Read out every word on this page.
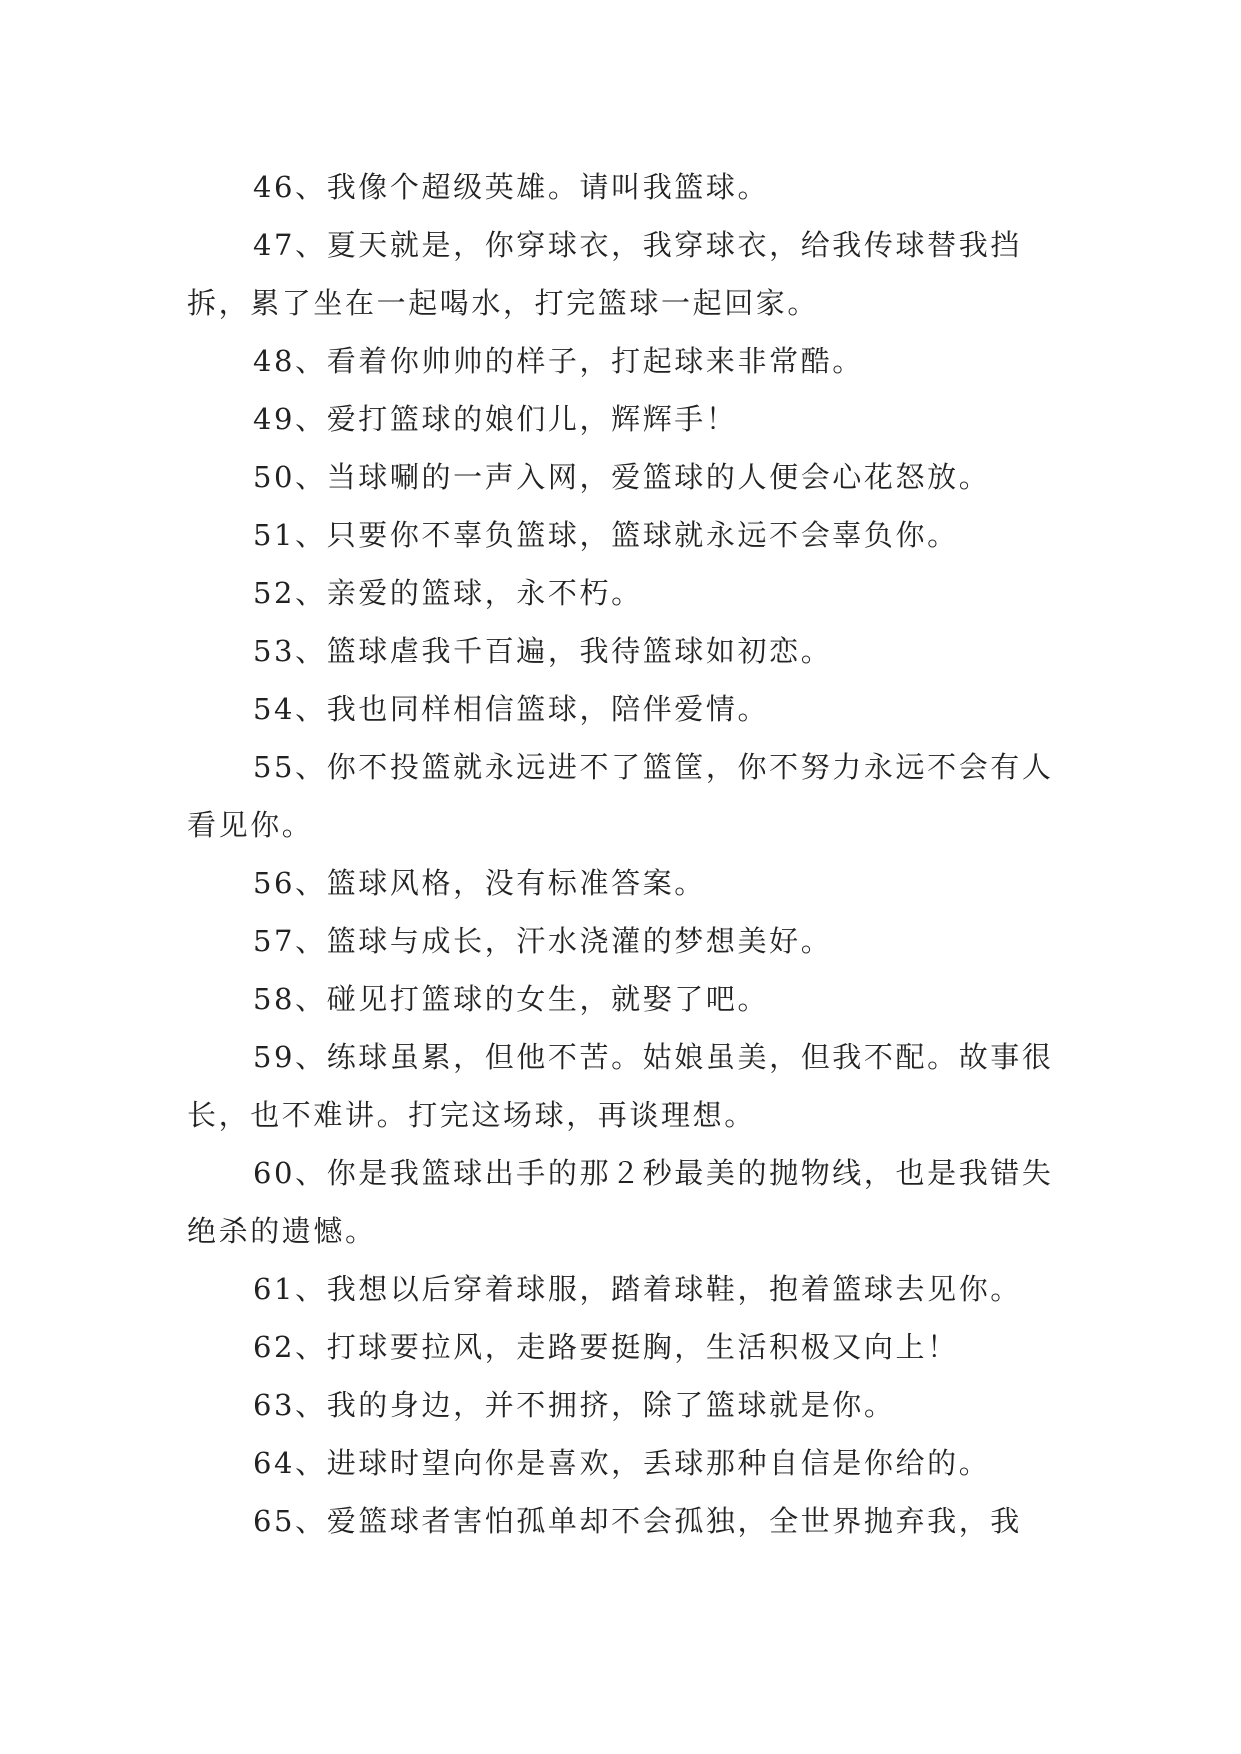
46、我像个超级英雄。请叫我篮球。

47、夏天就是，你穿球衣，我穿球衣，给我传球替我挡拆，累了坐在一起喝水，打完篮球一起回家。

48、看着你帅帅的样子，打起球来非常酷。

49、爱打篮球的娘们儿，辉辉手！

50、当球唰的一声入网，爱篮球的人便会心花怒放。

51、只要你不辜负篮球，篮球就永远不会辜负你。

52、亲爱的篮球，永不朽。

53、篮球虐我千百遍，我待篮球如初恋。

54、我也同样相信篮球，陪伴爱情。

55、你不投篮就永远进不了篮筐，你不努力永远不会有人看见你。

56、篮球风格，没有标准答案。

57、篮球与成长，汗水浇灌的梦想美好。

58、碰见打篮球的女生，就娶了吧。

59、练球虽累，但他不苦。姑娘虽美，但我不配。故事很长，也不难讲。打完这场球，再谈理想。

60、你是我篮球出手的那２秒最美的抛物线，也是我错失绝杀的遗憾。

61、我想以后穿着球服，踏着球鞋，抱着篮球去见你。

62、打球要拉风，走路要挺胸，生活积极又向上！

63、我的身边，并不拥挤，除了篮球就是你。

64、进球时望向你是喜欢，丢球那种自信是你给的。

65、爱篮球者害怕孤单却不会孤独，全世界抛弃我，我
